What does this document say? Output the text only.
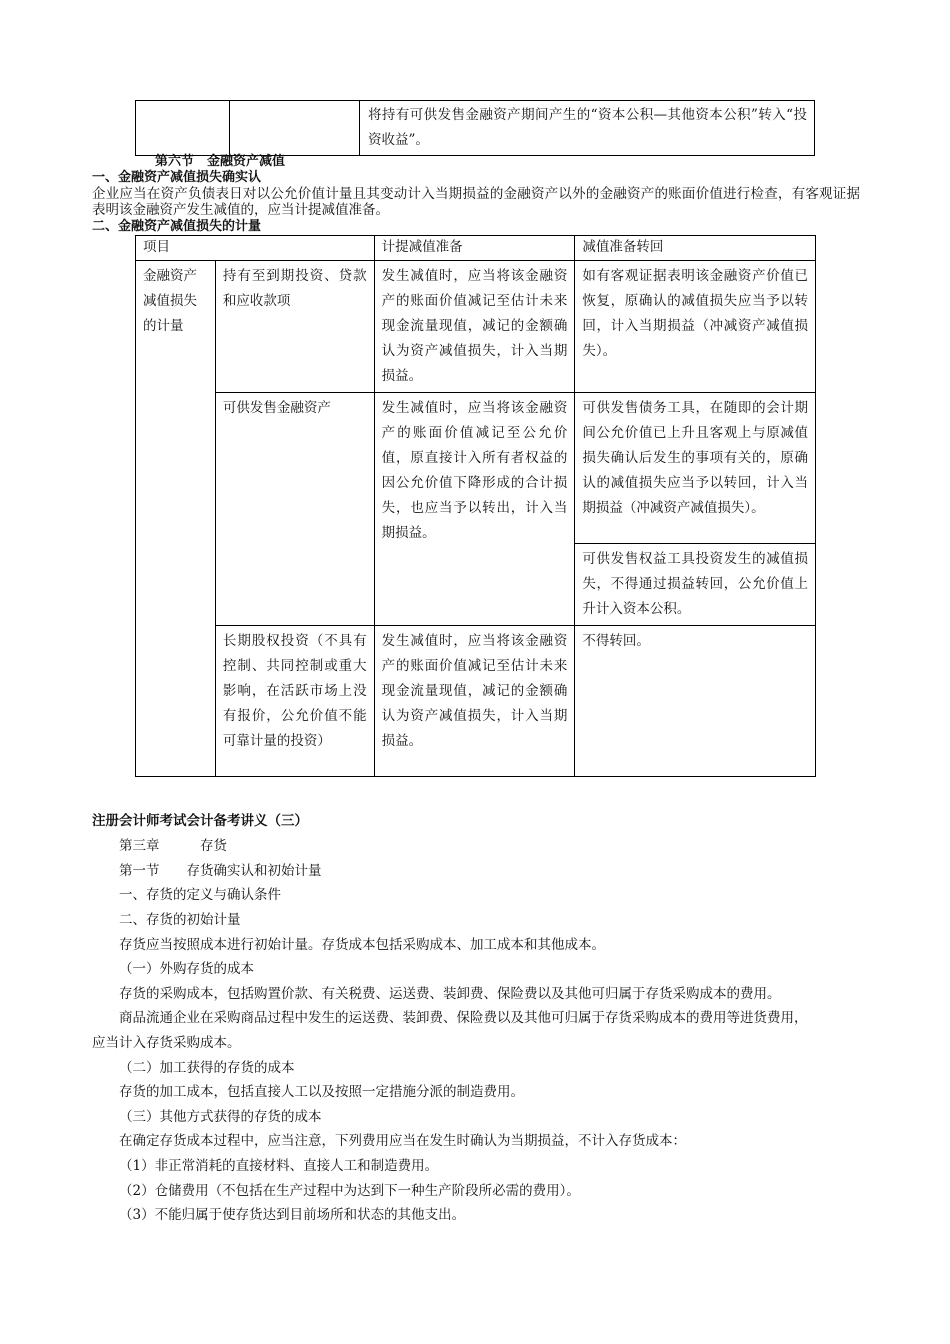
		将持有可供发售金融资产期间产生的“资本公积—其他资本公积”转入“投资收益”。
第六节　金融资产减值
一、金融资产减值损失确实认
企业应当在资产负债表日对以公允价值计量且其变动计入当期损益的金融资产以外的金融资产的账面价值进行检查，有客观证据表明该金融资产发生减值的，应当计提减值准备。
二、金融资产减值损失的计量
项目		计提减值准备	减值准备转回
金融资产减值损失的计量	持有至到期投资、贷款和应收款项	发生减值时，应当将该金融资产的账面价值减记至估计未来现金流量现值，减记的金额确认为资产减值损失，计入当期损益。	如有客观证据表明该金融资产价值已恢复，原确认的减值损失应当予以转回，计入当期损益（冲减资产减值损失）。
	可供发售金融资产	发生减值时，应当将该金融资产的账面价值减记至公允价值，原直接计入所有者权益的因公允价值下降形成的合计损失，也应当予以转出，计入当期损益。	可供发售债务工具，在随即的会计期间公允价值已上升且客观上与原减值损失确认后发生的事项有关的，原确认的减值损失应当予以转回，计入当期损益（冲减资产减值损失）。
			可供发售权益工具投资发生的减值损失，不得通过损益转回，公允价值上升计入资本公积。
	长期股权投资（不具有控制、共同控制或重大影响，在活跃市场上没有报价，公允价值不能可靠计量的投资）	发生减值时，应当将该金融资产的账面价值减记至估计未来现金流量现值，减记的金额确认为资产减值损失，计入当期损益。	不得转回。
注册会计师考试会计备考讲义（三）
第三章　　　存货
第一节　　存货确实认和初始计量
一、存货的定义与确认条件
二、存货的初始计量
存货应当按照成本进行初始计量。存货成本包括采购成本、加工成本和其他成本。
（一）外购存货的成本
存货的采购成本，包括购置价款、有关税费、运送费、装卸费、保险费以及其他可归属于存货采购成本的费用。
商品流通企业在采购商品过程中发生的运送费、装卸费、保险费以及其他可归属于存货采购成本的费用等进货费用，
应当计入存货采购成本。
（二）加工获得的存货的成本
存货的加工成本，包括直接人工以及按照一定措施分派的制造费用。
（三）其他方式获得的存货的成本
在确定存货成本过程中，应当注意，下列费用应当在发生时确认为当期损益，不计入存货成本：
（1）非正常消耗的直接材料、直接人工和制造费用。
（2）仓储费用（不包括在生产过程中为达到下一种生产阶段所必需的费用）。
（3）不能归属于使存货达到目前场所和状态的其他支出。
